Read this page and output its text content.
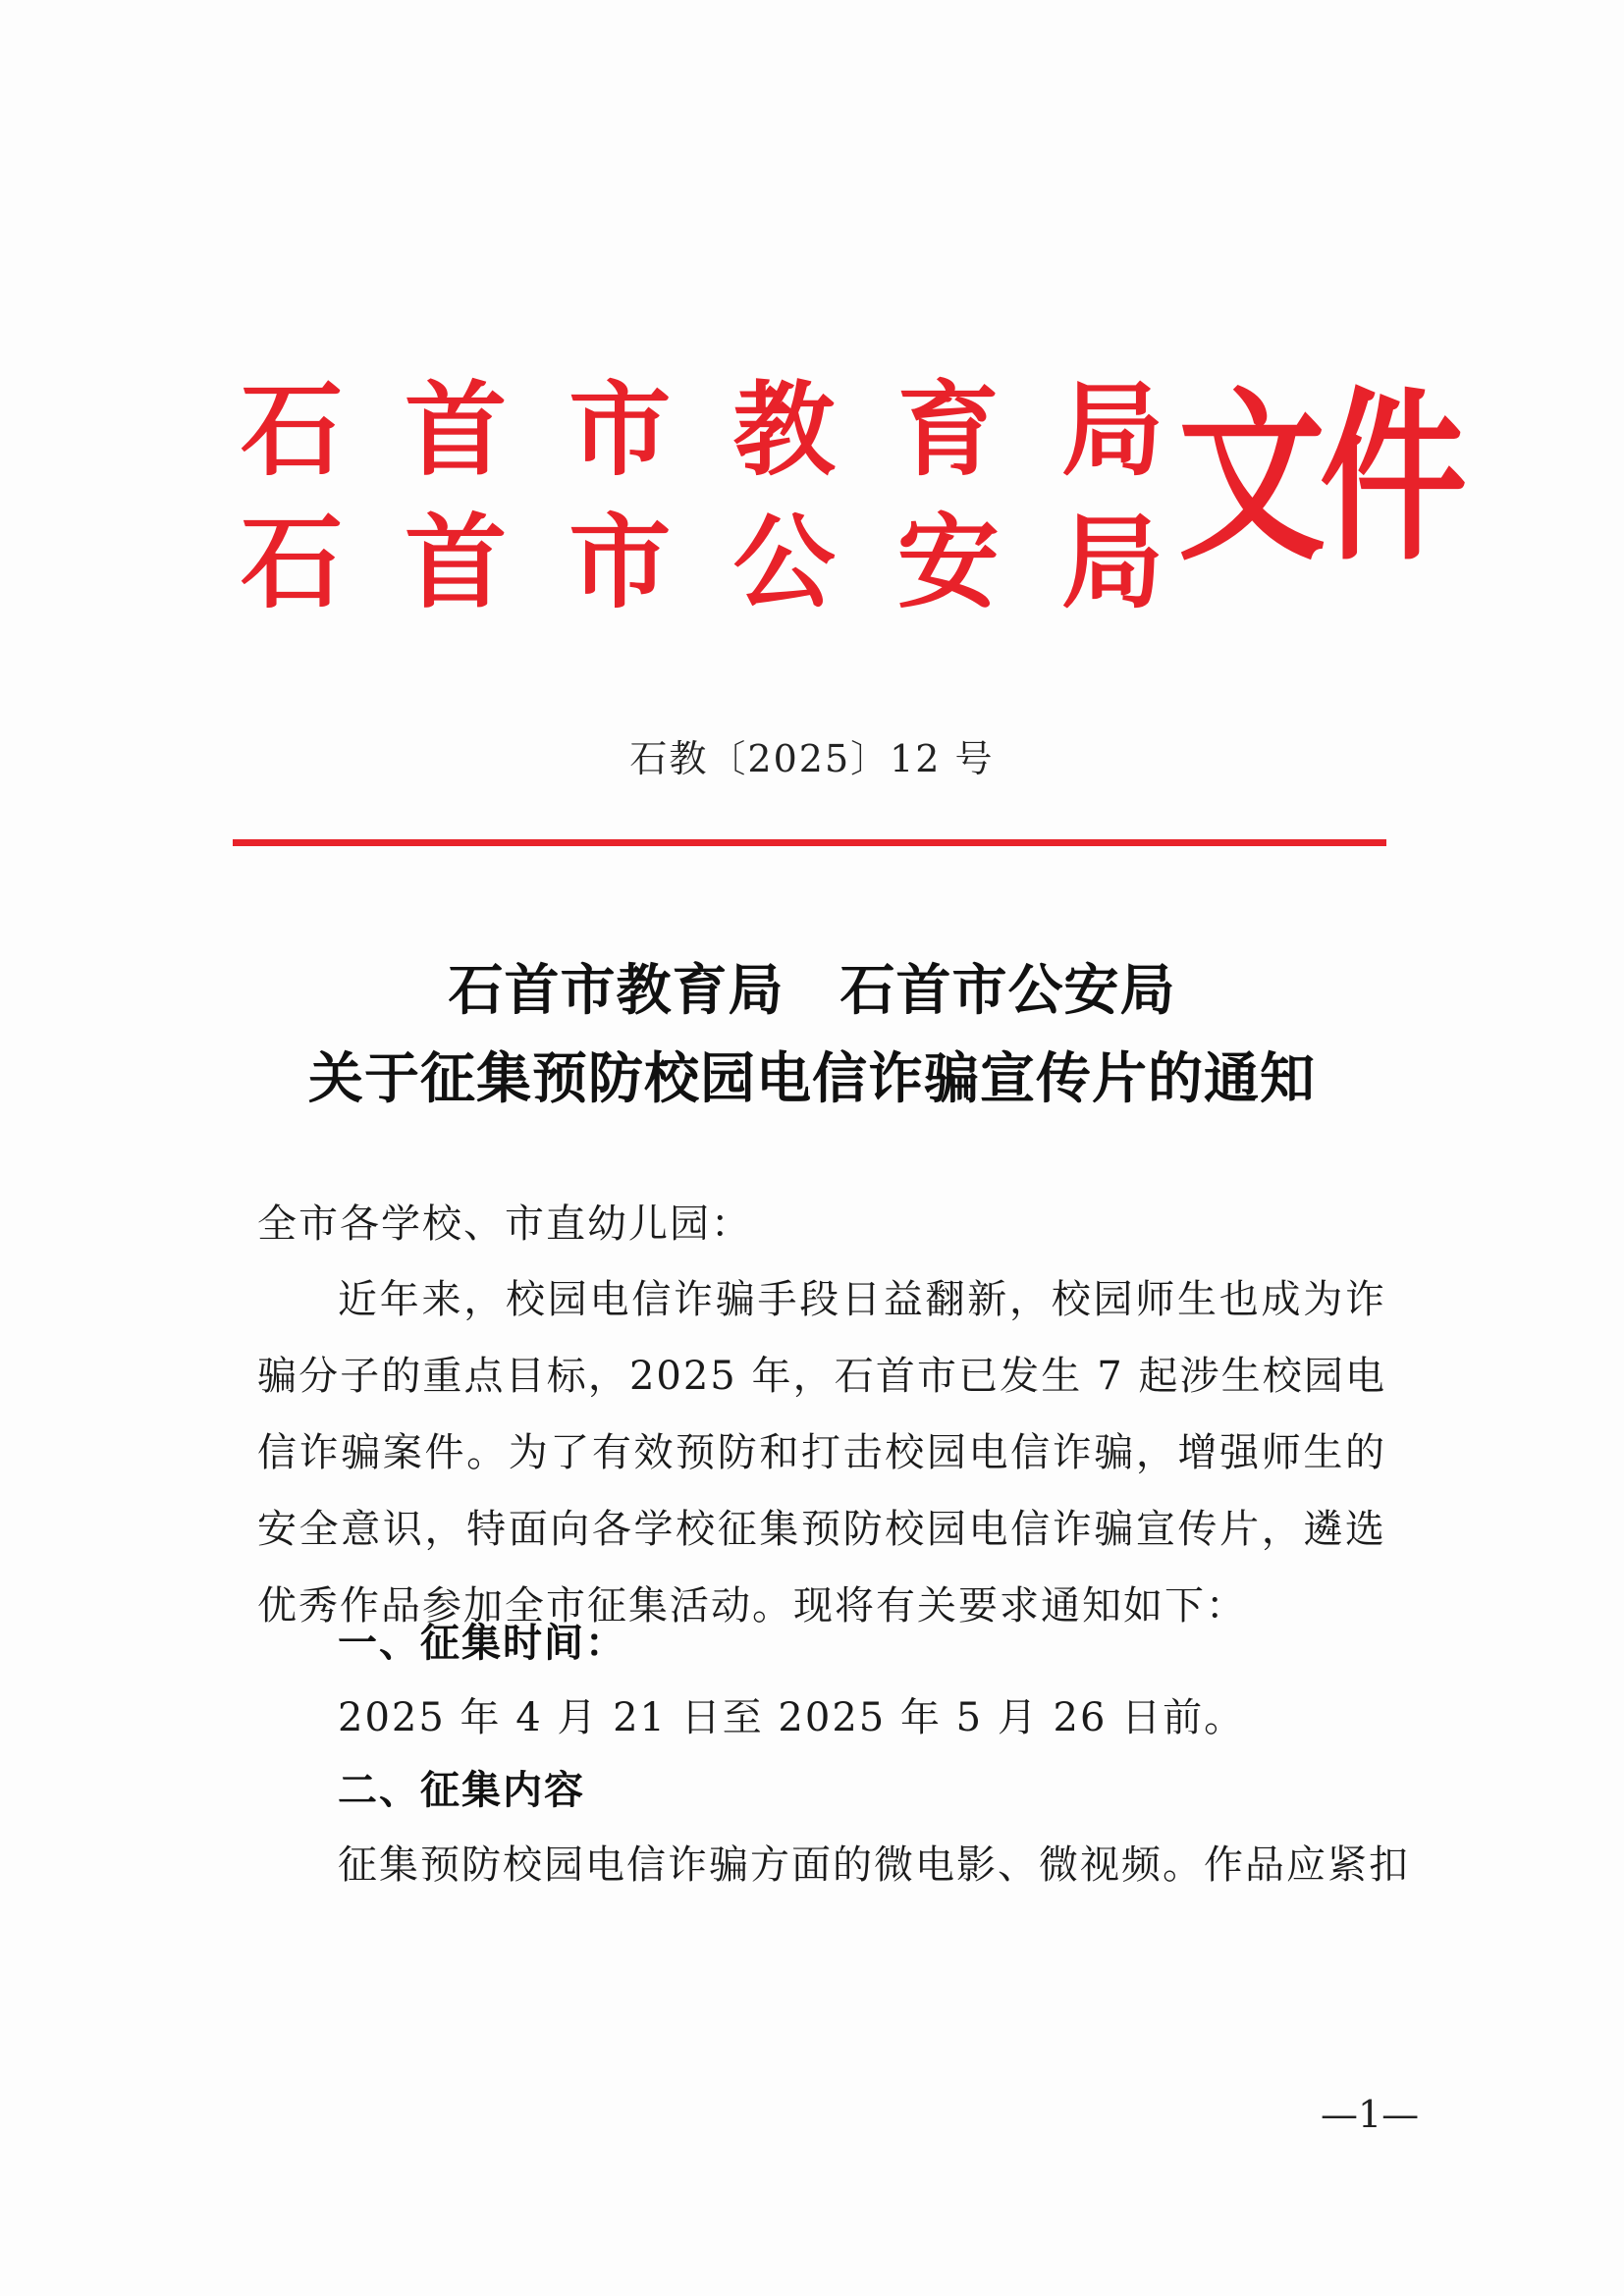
石 首 市 教 育 局
石 首 市 公 安 局 文件
石教〔2025〕12 号
石首市教育局　石首市公安局
关于征集预防校园电信诈骗宣传片的通知
全市各学校、市直幼儿园：
近年来，校园电信诈骗手段日益翻新，校园师生也成为诈骗分子的重点目标，2025 年，石首市已发生 7 起涉生校园电信诈骗案件。为了有效预防和打击校园电信诈骗，增强师生的安全意识，特面向各学校征集预防校园电信诈骗宣传片，遴选优秀作品参加全市征集活动。现将有关要求通知如下：
一、征集时间：
2025 年 4 月 21 日至 2025 年 5 月 26 日前。
二、征集内容
征集预防校园电信诈骗方面的微电影、微视频。作品应紧扣
—1—
